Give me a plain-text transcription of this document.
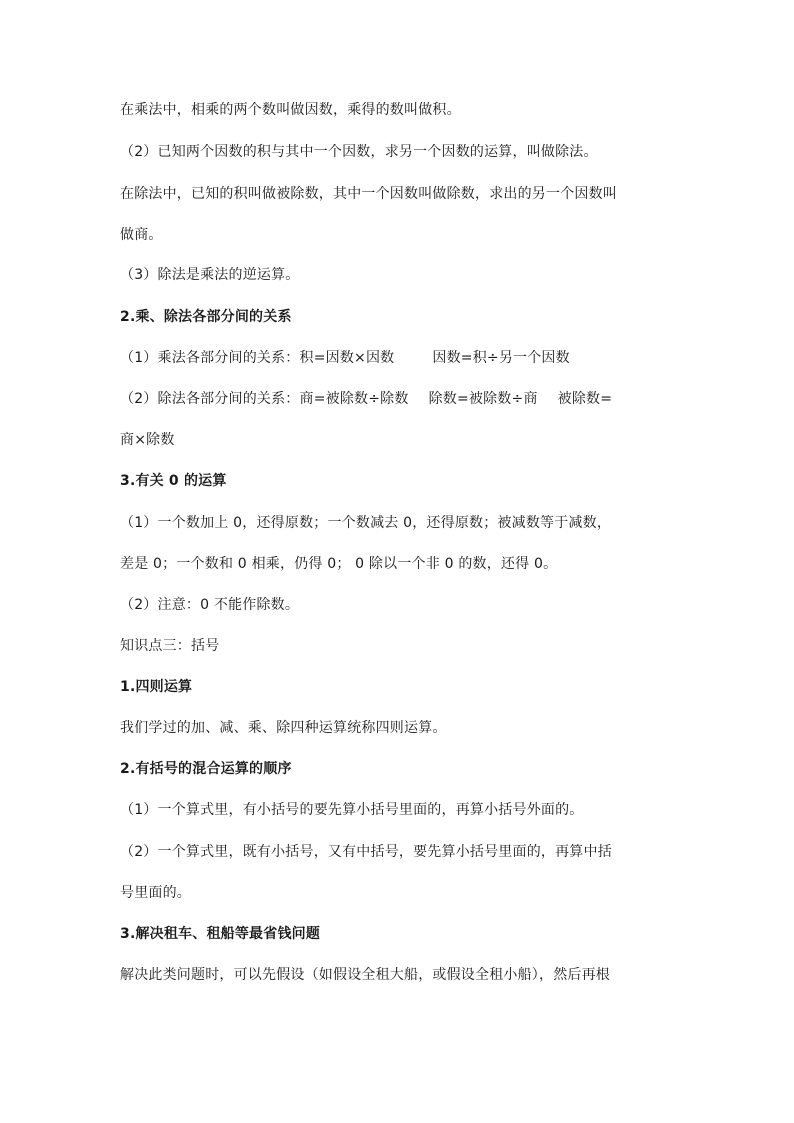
在乘法中，相乘的两个数叫做因数，乘得的数叫做积。
（2）已知两个因数的积与其中一个因数，求另一个因数的运算，叫做除法。
在除法中，已知的积叫做被除数，其中一个因数叫做除数，求出的另一个因数叫
做商。
（3）除法是乘法的逆运算。
2.乘、除法各部分间的关系
（1）乘法各部分间的关系：积=因数×因数	因数=积÷另一个因数
（2）除法各部分间的关系：商=被除数÷除数 除数=被除数÷商 被除数=
商×除数
3.有关 0 的运算
（1）一个数加上 0，还得原数；一个数减去 0，还得原数；被减数等于减数，
差是 0；一个数和 0 相乘，仍得 0； 0 除以一个非 0 的数，还得 0。
（2）注意：0 不能作除数。
知识点三：括号
1.四则运算
我们学过的加、减、乘、除四种运算统称四则运算。
2.有括号的混合运算的顺序
（1）一个算式里，有小括号的要先算小括号里面的，再算小括号外面的。
（2）一个算式里，既有小括号，又有中括号，要先算小括号里面的，再算中括
号里面的。
3.解决租车、租船等最省钱问题
解决此类问题时，可以先假设（如假设全租大船，或假设全租小船），然后再根
